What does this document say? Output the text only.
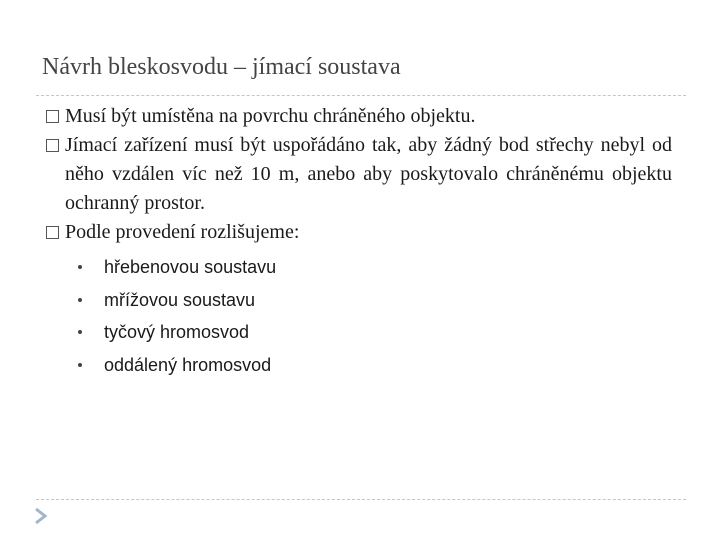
Návrh bleskosvodu – jímací soustava
Musí být umístěna na povrchu chráněného objektu.
Jímací zařízení musí být uspořádáno tak, aby žádný bod střechy nebyl od něho vzdálen víc než 10 m, anebo aby poskytovalo chráněnému objektu ochranný prostor.
Podle provedení rozlišujeme:
hřebenovou soustavu
mřížovou soustavu
tyčový hromosvod
oddálený hromosvod
